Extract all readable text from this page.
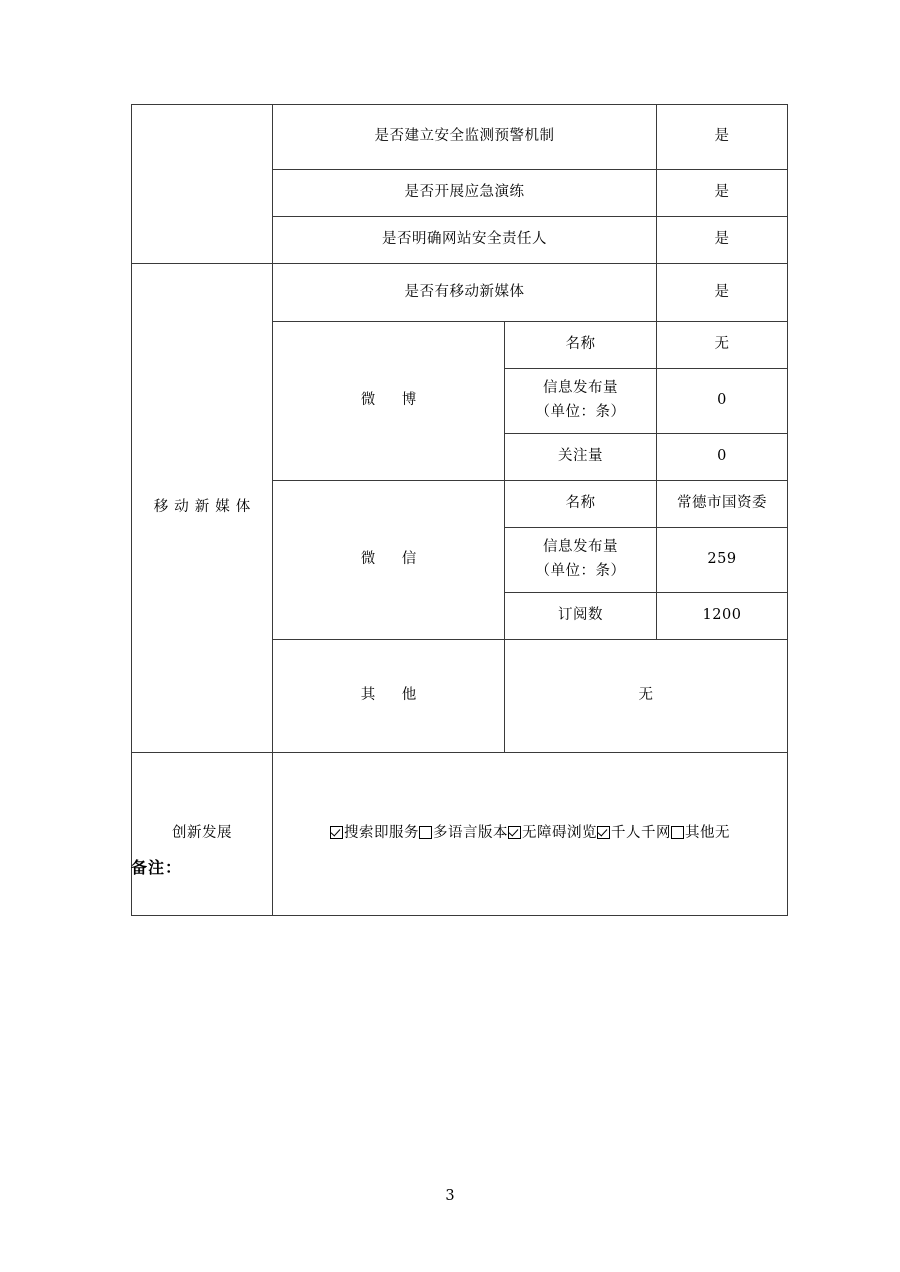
	是否建立安全监测预警机制		是
	是否开展应急演练		是
	是否明确网站安全责任人		是
移动新媒体	是否有移动新媒体		是
	微　博	名称	无
		信息发布量
（单位：条）	0
		关注量	0
	微　信	名称	常德市国资委
		信息发布量
（单位：条）	259
		订阅数	1200
	其　他	无	
创新发展	搜索即服务 多语言版本 无障碍浏览 千人千网 其他无		
备注：
3
